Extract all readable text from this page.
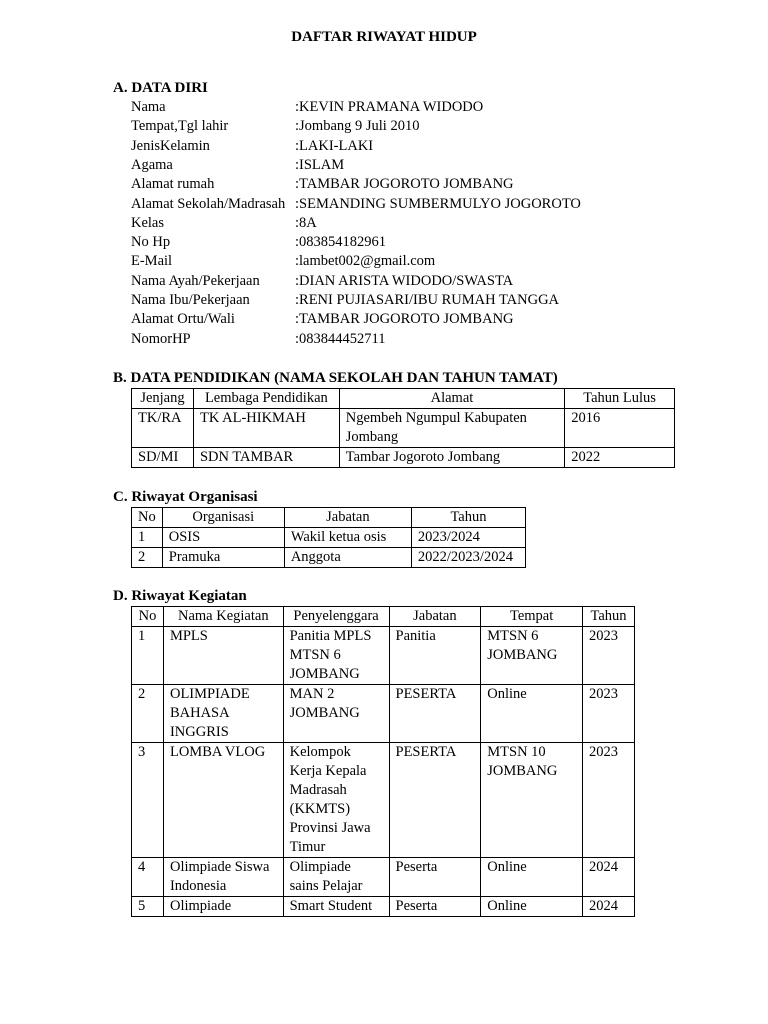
DAFTAR RIWAYAT HIDUP
A. DATA DIRI
Nama	:KEVIN PRAMANA WIDODO
Tempat,Tgl lahir	:Jombang 9 Juli 2010
JenisKelamin	:LAKI-LAKI
Agama	:ISLAM
Alamat rumah	:TAMBAR JOGOROTO JOMBANG
Alamat Sekolah/Madrasah :SEMANDING SUMBERMULYO JOGOROTO
Kelas	:8A
No Hp	:083854182961
E-Mail	:lambet002@gmail.com
Nama Ayah/Pekerjaan :DIAN ARISTA WIDODO/SWASTA
Nama Ibu/Pekerjaan	:RENI PUJIASARI/IBU RUMAH TANGGA
Alamat Ortu/Wali	:TAMBAR JOGOROTO JOMBANG
NomorHP	:083844452711
B. DATA PENDIDIKAN (NAMA SEKOLAH DAN TAHUN TAMAT)
Jenjang	Lembaga Pendidikan	Alamat	Tahun Lulus
TK/RA	TK AL-HIKMAH	Ngembeh Ngumpul Kabupaten Jombang	2016
SD/MI	SDN TAMBAR	Tambar Jogoroto Jombang	2022
C. Riwayat Organisasi
No	Organisasi	Jabatan	Tahun
1	OSIS	Wakil ketua osis	2023/2024
2	Pramuka	Anggota	2022/2023/2024
D. Riwayat Kegiatan
No	Nama Kegiatan	Penyelenggara	Jabatan	Tempat	Tahun
1	MPLS	Panitia MPLS MTSN 6 JOMBANG	Panitia	MTSN 6 JOMBANG	2023
2	OLIMPIADE BAHASA INGGRIS	MAN 2 JOMBANG	PESERTA	Online	2023
3	LOMBA VLOG	Kelompok Kerja Kepala Madrasah (KKMTS) Provinsi Jawa Timur	PESERTA	MTSN 10 JOMBANG	2023
4	Olimpiade Siswa Indonesia	Olimpiade sains Pelajar	Peserta	Online	2024
5	Olimpiade	Smart Student	Peserta	Online	2024
